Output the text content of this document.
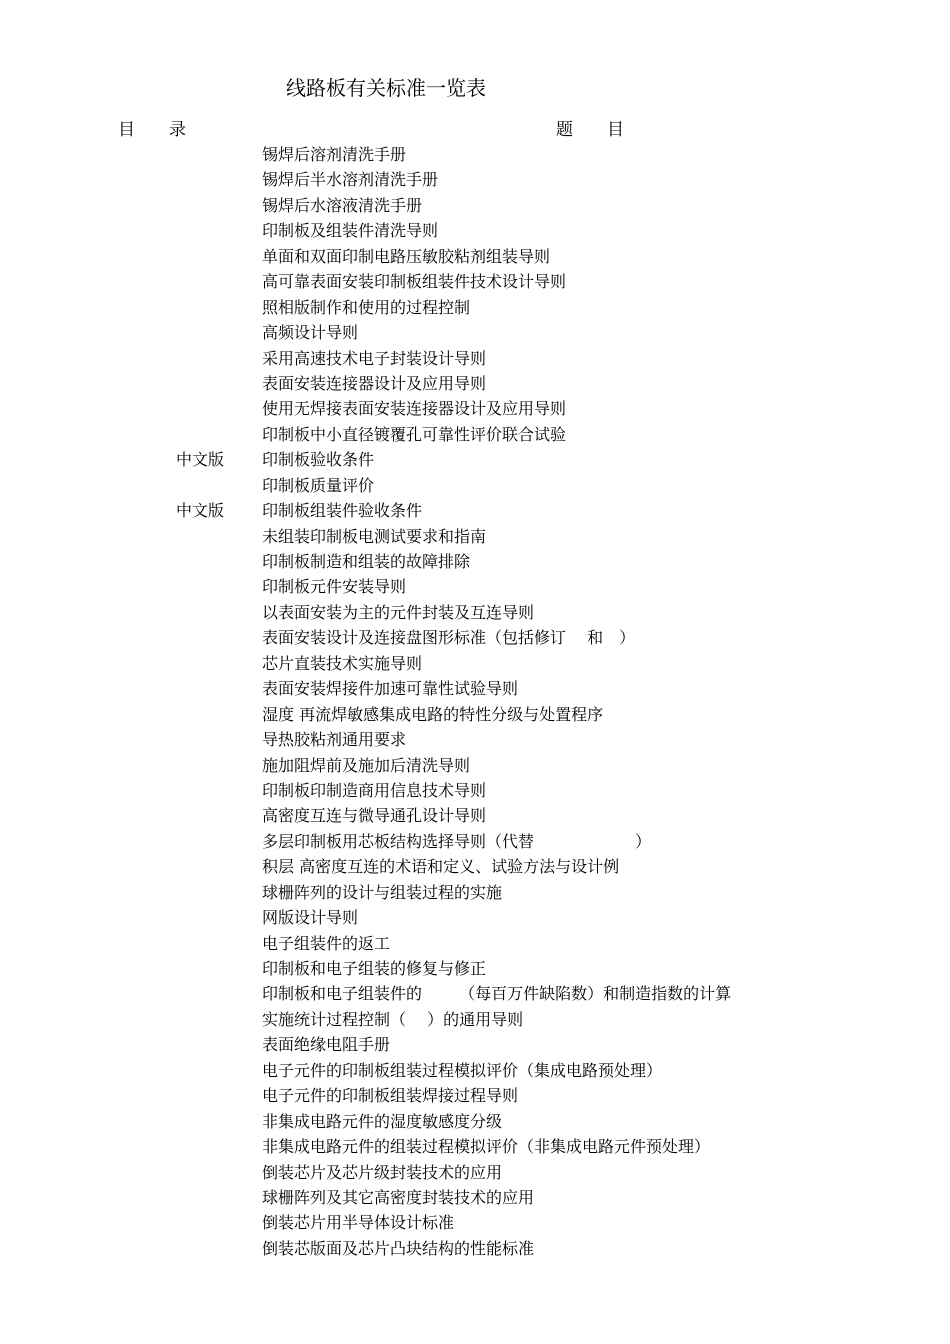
线路板有关标准一览表
目　　录	题　　目
锡焊后溶剂清洗手册
锡焊后半水溶剂清洗手册
锡焊后水溶液清洗手册
印制板及组装件清洗导则
单面和双面印制电路压敏胶粘剂组装导则
高可靠表面安装印制板组装件技术设计导则
照相版制作和使用的过程控制
高频设计导则
采用高速技术电子封装设计导则
表面安装连接器设计及应用导则
使用无焊接表面安装连接器设计及应用导则
印制板中小直径镀覆孔可靠性评价联合试验
中文版 印制板验收条件
印制板质量评价
中文版 印制板组装件验收条件
未组装印制板电测试要求和指南
印制板制造和组装的故障排除
印制板元件安装导则
以表面安装为主的元件封装及互连导则
表面安装设计及连接盘图形标准（包括修订　 和　）
芯片直装技术实施导则
表面安装焊接件加速可靠性试验导则
湿度 再流焊敏感集成电路的特性分级与处置程序
导热胶粘剂通用要求
施加阻焊前及施加后清洗导则
印制板印制造商用信息技术导则
高密度互连与微导通孔设计导则
多层印制板用芯板结构选择导则（代替　　　　　　 ）
积层 高密度互连的术语和定义、试验方法与设计例
球栅阵列的设计与组装过程的实施
网版设计导则
电子组装件的返工
印制板和电子组装的修复与修正
印制板和电子组装件的　　 （每百万件缺陷数）和制造指数的计算
实施统计过程控制（　 ）的通用导则
表面绝缘电阻手册
电子元件的印制板组装过程模拟评价（集成电路预处理）
电子元件的印制板组装焊接过程导则
非集成电路元件的湿度敏感度分级
非集成电路元件的组装过程模拟评价（非集成电路元件预处理）
倒装芯片及芯片级封装技术的应用
球栅阵列及其它高密度封装技术的应用
倒装芯片用半导体设计标准
倒装芯版面及芯片凸块结构的性能标准
